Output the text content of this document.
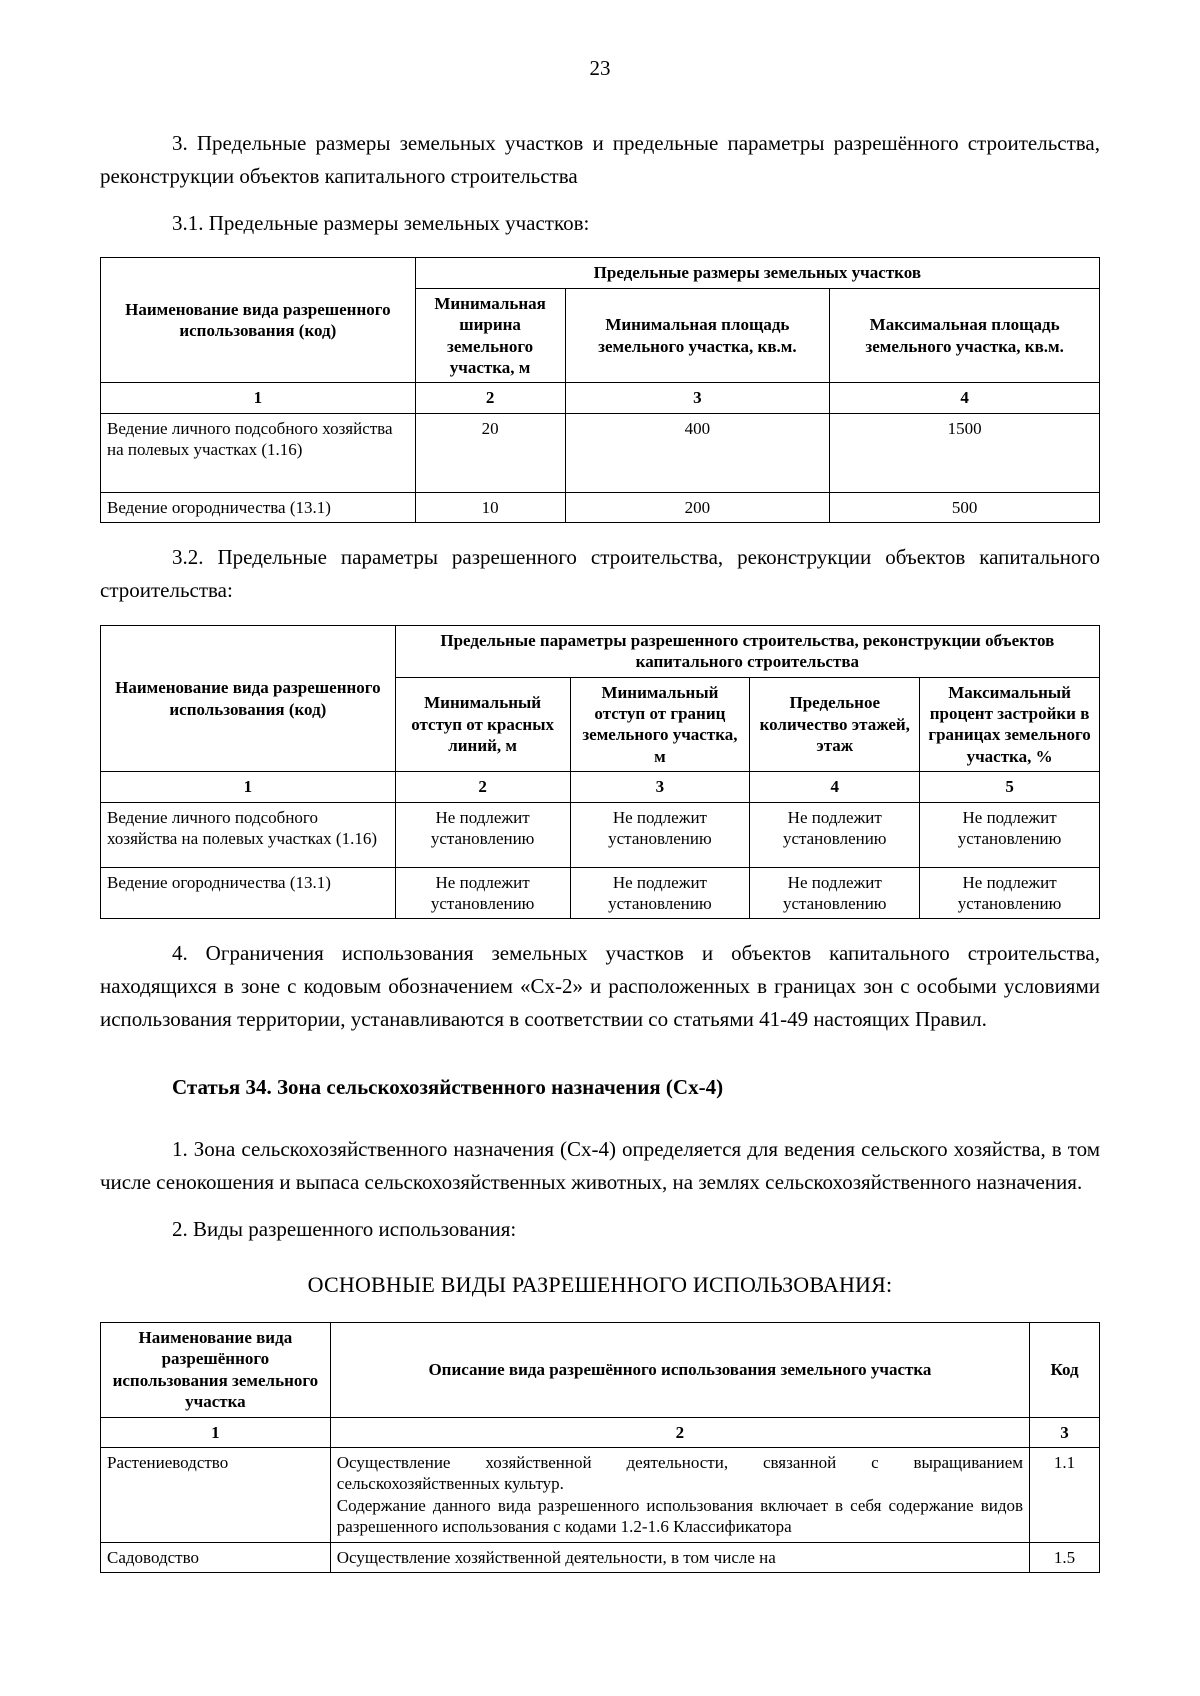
23

3. Предельные размеры земельных участков и предельные параметры разрешённого строительства, реконструкции объектов капитального строительства

3.1. Предельные размеры земельных участков:

Наименование вида разрешенного использования (код)	Предельные размеры земельных участков		
	Минимальная ширина земельного участка, м	Минимальная площадь земельного участка, кв.м.	Максимальная площадь земельного участка, кв.м.
1	2	3	4
Ведение личного подсобного хозяйства на полевых участках (1.16)	20	400	1500
Ведение огородничества (13.1)	10	200	500

3.2. Предельные параметры разрешенного строительства, реконструкции объектов капитального строительства:

Наименование вида разрешенного использования (код)	Предельные параметры разрешенного строительства, реконструкции объектов капитального строительства			
	Минимальный отступ от красных линий, м	Минимальный отступ от границ земельного участка, м	Предельное количество этажей, этаж	Максимальный процент застройки в границах земельного участка, %
1	2	3	4	5
Ведение личного подсобного хозяйства на полевых участках (1.16)	Не подлежит установлению	Не подлежит установлению	Не подлежит установлению	Не подлежит установлению
Ведение огородничества (13.1)	Не подлежит установлению	Не подлежит установлению	Не подлежит установлению	Не подлежит установлению

4. Ограничения использования земельных участков и объектов капитального строительства, находящихся в зоне с кодовым обозначением «Сх-2» и расположенных в границах зон с особыми условиями использования территории, устанавливаются в соответствии со статьями 41-49 настоящих Правил.

Статья 34. Зона сельскохозяйственного назначения (Сх-4)

1. Зона сельскохозяйственного назначения (Сх-4) определяется для ведения сельского хозяйства, в том числе сенокошения и выпаса сельскохозяйственных животных, на землях сельскохозяйственного назначения.

2. Виды разрешенного использования:

ОСНОВНЫЕ ВИДЫ РАЗРЕШЕННОГО ИСПОЛЬЗОВАНИЯ:
Наименование вида разрешённого использования земельного участка	Описание вида разрешённого использования земельного участка	Код
1	2	3
Растениеводство	Осуществление хозяйственной деятельности, связанной с выращиванием сельскохозяйственных культур.
Содержание данного вида разрешенного использования включает в себя содержание видов разрешенного использования с кодами 1.2-1.6 Классификатора	1.1
Садоводство	Осуществление хозяйственной деятельности, в том числе на	1.5
